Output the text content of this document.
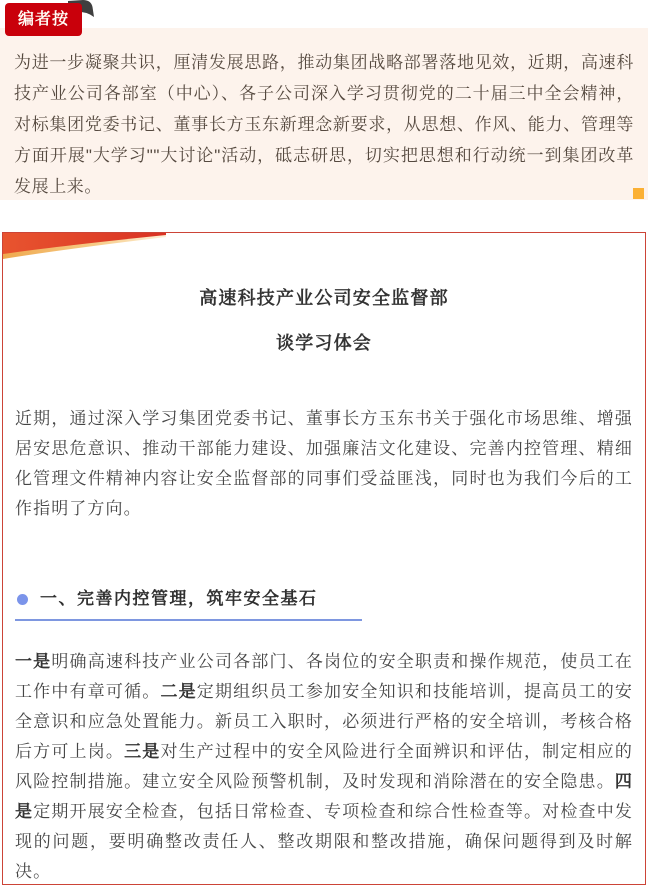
编者按

为进一步凝聚共识，厘清发展思路，推动集团战略部署落地见效，近期，高速科技产业公司各部室（中心）、各子公司深入学习贯彻党的二十届三中全会精神，对标集团党委书记、董事长方玉东新理念新要求，从思想、作风、能力、管理等方面开展"大学习""大讨论"活动，砥志研思，切实把思想和行动统一到集团改革发展上来。

高速科技产业公司安全监督部
谈学习体会

近期，通过深入学习集团党委书记、董事长方玉东书关于强化市场思维、增强居安思危意识、推动干部能力建设、加强廉洁文化建设、完善内控管理、精细化管理文件精神内容让安全监督部的同事们受益匪浅，同时也为我们今后的工作指明了方向。

一、完善内控管理，筑牢安全基石

一是明确高速科技产业公司各部门、各岗位的安全职责和操作规范，使员工在工作中有章可循。二是定期组织员工参加安全知识和技能培训，提高员工的安全意识和应急处置能力。新员工入职时，必须进行严格的安全培训，考核合格后方可上岗。三是对生产过程中的安全风险进行全面辨识和评估，制定相应的风险控制措施。建立安全风险预警机制，及时发现和消除潜在的安全隐患。四是定期开展安全检查，包括日常检查、专项检查和综合性检查等。对检查中发现的问题，要明确整改责任人、整改期限和整改措施，确保问题得到及时解决。
